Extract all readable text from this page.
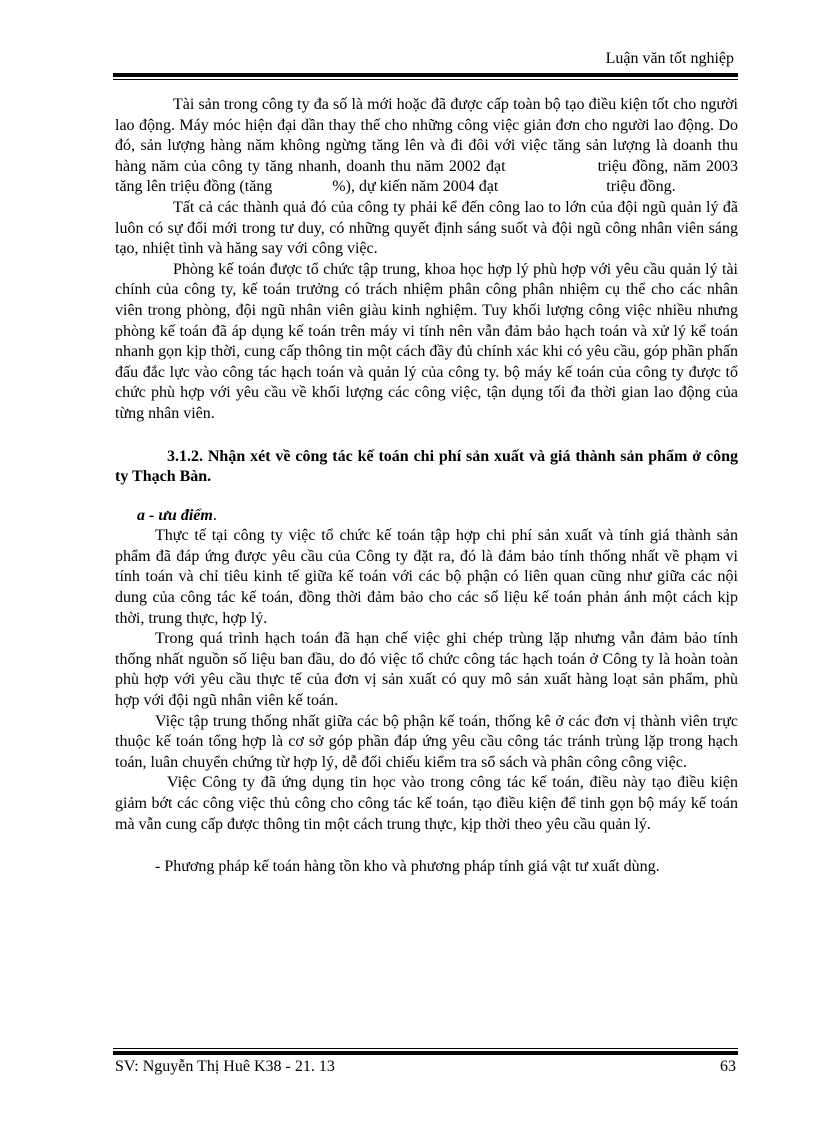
Luận văn tốt nghiệp

Tài sản trong công ty đa số là mới hoặc đã được cấp toàn bộ tạo điều kiện tốt cho người lao động. Máy móc hiện đại dần thay thế cho những công việc giản đơn cho người lao động. Do đó, sản lượng hàng năm không ngừng tăng lên và đi đôi với việc tăng sản lượng là doanh thu hàng năm của công ty tăng nhanh, doanh thu năm 2002 đạt	triệu đồng, năm 2003 tăng lên triệu đồng (tăng	%), dự kiến năm 2004 đạt	triệu đồng.

Tất cả các thành quả đó của công ty phải kể đến công lao to lớn của đội ngũ quản lý đã luôn có sự đổi mới trong tư duy, có những quyết định sáng suốt và đội ngũ công nhân viên sáng tạo, nhiệt tình và hăng say với công việc.

Phòng kế toán được tổ chức tập trung, khoa học hợp lý phù hợp với yêu cầu quản lý tài chính của công ty, kế toán trưởng có trách nhiệm phân công phân nhiệm cụ thể cho các nhân viên trong phòng, đội ngũ nhân viên giàu kinh nghiệm. Tuy khối lượng công việc nhiều nhưng phòng kế toán đã áp dụng kế toán trên máy vi tính nên vẫn đảm bảo hạch toán và xử lý kế toán nhanh gọn kịp thời, cung cấp thông tin một cách đầy đủ chính xác khi có yêu cầu, góp phần phấn đấu đắc lực vào công tác hạch toán và quản lý của công ty. bộ máy kế toán của công ty được tổ chức phù hợp với yêu cầu về khối lượng các công việc, tận dụng tối đa thời gian lao động của từng nhân viên.

3.1.2. Nhận xét về công tác kế toán chi phí sản xuất và giá thành sản phẩm ở công ty Thạch Bàn.

a - ưu điểm.

Thực tế tại công ty việc tổ chức kế toán tập hợp chi phí sản xuất và tính giá thành sản phẩm đã đáp ứng được yêu cầu của Công ty đặt ra, đó là đảm bảo tính thống nhất về phạm vi tính toán và chỉ tiêu kinh tế giữa kế toán với các bộ phận có liên quan cũng như giữa các nội dung của công tác kế toán, đồng thời đảm bảo cho các số liệu kế toán phản ánh một cách kịp thời, trung thực, hợp lý.

Trong quá trình hạch toán đã hạn chế việc ghi chép trùng lặp nhưng vẫn đảm bảo tính thống nhất nguồn số liệu ban đầu, do đó việc tổ chức công tác hạch toán ở Công ty là hoàn toàn phù hợp với yêu cầu thực tế của đơn vị sản xuất có quy mô sản xuất hàng loạt sản phẩm, phù hợp với đội ngũ nhân viên kế toán.

Việc tập trung thống nhất giữa các bộ phận kế toán, thống kê ở các đơn vị thành viên trực thuộc kế toán tổng hợp là cơ sở góp phần đáp ứng yêu cầu công tác tránh trùng lặp trong hạch toán, luân chuyển chứng từ hợp lý, dễ đối chiếu kiểm tra sổ sách và phân công công việc.

Việc Công ty đã ứng dụng tin học vào trong công tác kế toán, điều này tạo điều kiện giảm bớt các công việc thủ công cho công tác kế toán, tạo điều kiện để tinh gọn bộ máy kế toán mà vẫn cung cấp được thông tin một cách trung thực, kịp thời theo yêu cầu quản lý.

- Phương pháp kế toán hàng tồn kho và phương pháp tính giá vật tư xuất dùng.

SV: Nguyễn Thị Huê K38 - 21. 13	63
